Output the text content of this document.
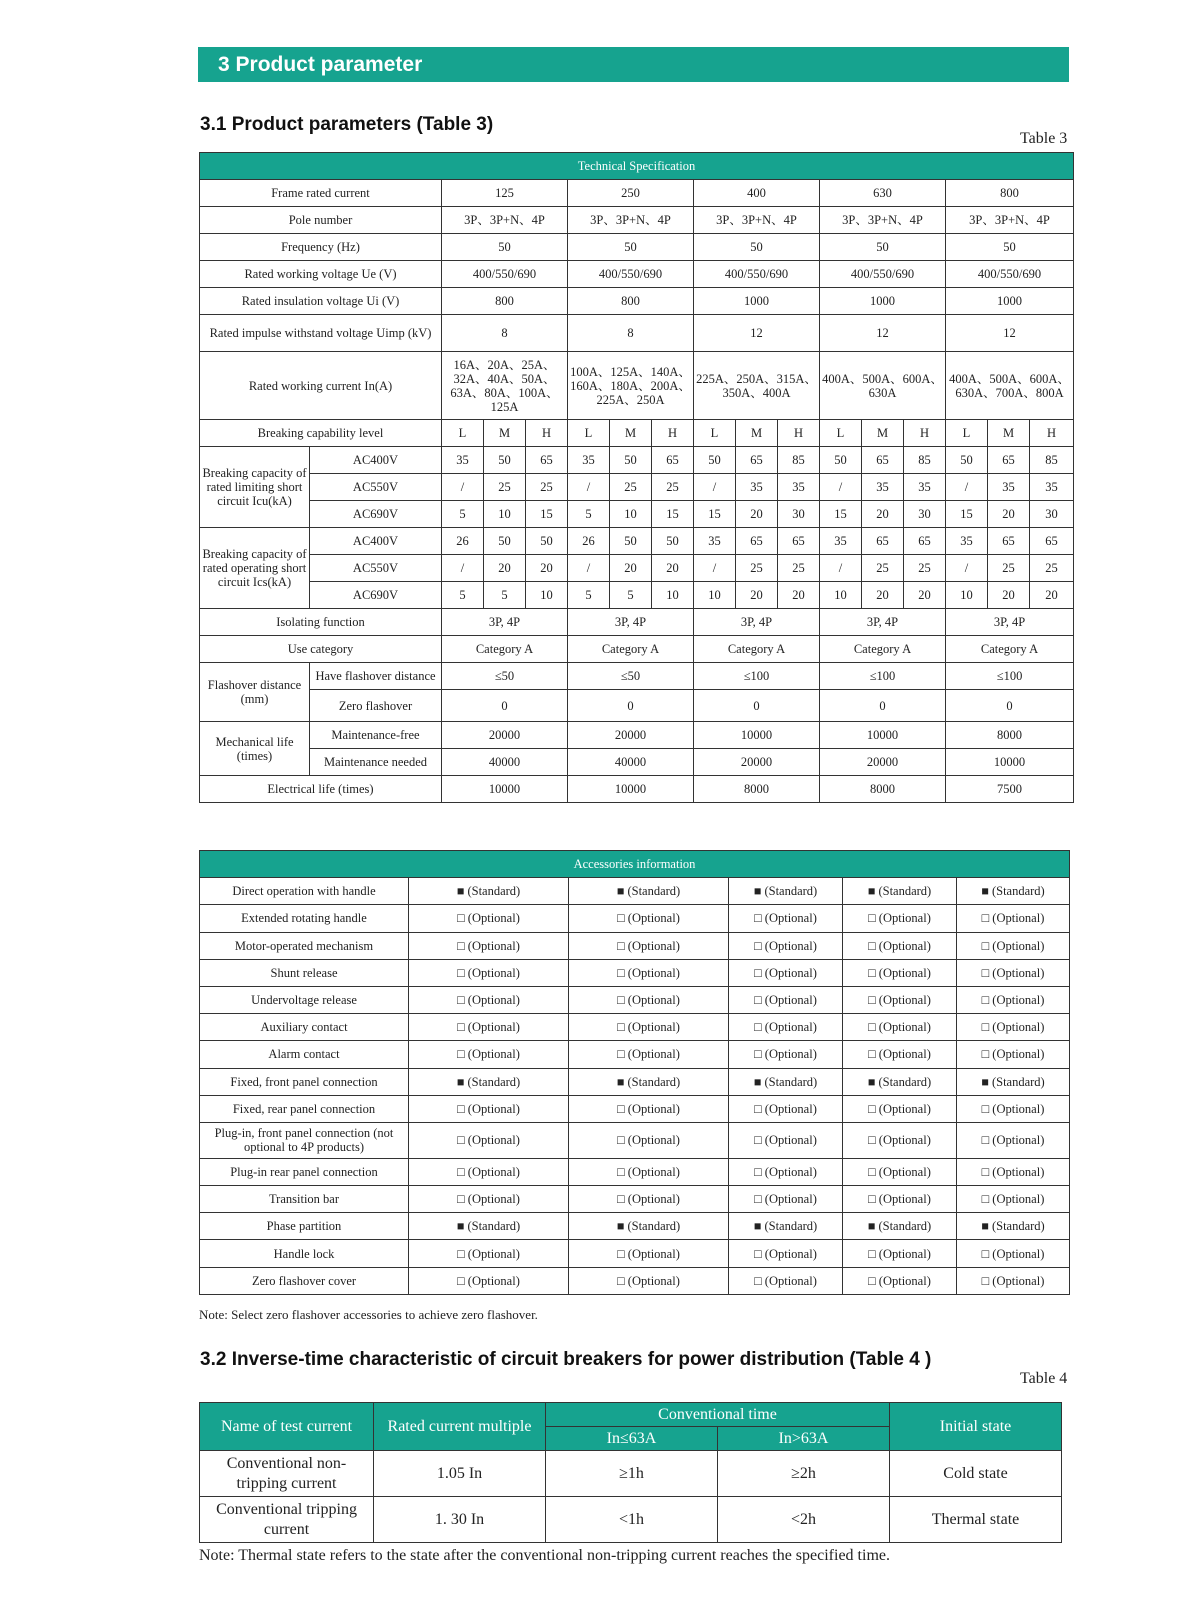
3 Product parameter
3.1 Product parameters (Table 3)
Table 3
Technical Specification																
Frame rated current		125			250			400			630			800		
Pole number		3P、3P+N、4P			3P、3P+N、4P			3P、3P+N、4P			3P、3P+N、4P			3P、3P+N、4P		
Frequency (Hz)		50			50			50			50			50		
Rated working voltage Ue (V)		400/550/690			400/550/690			400/550/690			400/550/690			400/550/690		
Rated insulation voltage Ui (V)		800			800			1000			1000			1000		
Rated impulse withstand voltage Uimp (kV)		8			8			12			12			12		
Rated working current In(A)		16A、20A、25A、32A、40A、50A、63A、80A、100A、125A			100A、125A、140A、160A、180A、200A、225A、250A			225A、250A、315A、350A、400A			400A、500A、600A、630A			400A、500A、600A、630A、700A、800A		
Breaking capability level		L	M	H	L	M	H	L	M	H	L	M	H	L	M	H
Breaking capacity of rated limiting short circuit Icu(kA)	AC400V	35	50	65	35	50	65	50	65	85	50	65	85	50	65	85
	AC550V	/	25	25	/	25	25	/	35	35	/	35	35	/	35	35
	AC690V	5	10	15	5	10	15	15	20	30	15	20	30	15	20	30
Breaking capacity of rated operating short circuit Ics(kA)	AC400V	26	50	50	26	50	50	35	65	65	35	65	65	35	65	65
	AC550V	/	20	20	/	20	20	/	25	25	/	25	25	/	25	25
	AC690V	5	5	10	5	5	10	10	20	20	10	20	20	10	20	20
Isolating function		3P, 4P			3P, 4P			3P, 4P			3P, 4P			3P, 4P		
Use category		Category A			Category A			Category A			Category A			Category A		
Flashover distance (mm)	Have flashover distance	≤50			≤50			≤100			≤100			≤100		
	Zero flashover	0			0			0			0			0		
Mechanical life (times)	Maintenance-free	20000			20000			10000			10000			8000		
	Maintenance needed	40000			40000			20000			20000			10000		
Electrical life (times)		10000			10000			8000			8000			7500		
Accessories information					
Direct operation with handle	■ (Standard)	■ (Standard)	■ (Standard)	■ (Standard)	■ (Standard)
Extended rotating handle	□ (Optional)	□ (Optional)	□ (Optional)	□ (Optional)	□ (Optional)
Motor-operated mechanism	□ (Optional)	□ (Optional)	□ (Optional)	□ (Optional)	□ (Optional)
Shunt release	□ (Optional)	□ (Optional)	□ (Optional)	□ (Optional)	□ (Optional)
Undervoltage release	□ (Optional)	□ (Optional)	□ (Optional)	□ (Optional)	□ (Optional)
Auxiliary contact	□ (Optional)	□ (Optional)	□ (Optional)	□ (Optional)	□ (Optional)
Alarm contact	□ (Optional)	□ (Optional)	□ (Optional)	□ (Optional)	□ (Optional)
Fixed, front panel connection	■ (Standard)	■ (Standard)	■ (Standard)	■ (Standard)	■ (Standard)
Fixed, rear panel connection	□ (Optional)	□ (Optional)	□ (Optional)	□ (Optional)	□ (Optional)
Plug-in, front panel connection (not optional to 4P products)	□ (Optional)	□ (Optional)	□ (Optional)	□ (Optional)	□ (Optional)
Plug-in rear panel connection	□ (Optional)	□ (Optional)	□ (Optional)	□ (Optional)	□ (Optional)
Transition bar	□ (Optional)	□ (Optional)	□ (Optional)	□ (Optional)	□ (Optional)
Phase partition	■ (Standard)	■ (Standard)	■ (Standard)	■ (Standard)	■ (Standard)
Handle lock	□ (Optional)	□ (Optional)	□ (Optional)	□ (Optional)	□ (Optional)
Zero flashover cover	□ (Optional)	□ (Optional)	□ (Optional)	□ (Optional)	□ (Optional)
Note: Select zero flashover accessories to achieve zero flashover.
3.2 Inverse-time characteristic of circuit breakers for power distribution (Table 4 )
Table 4
Name of test current	Rated current multiple	Conventional time		Initial state
		In≤63A	In>63A	
Conventional non-tripping current	1.05 In	≥1h	≥2h	Cold state
Conventional tripping current	1. 30 In	<1h	<2h	Thermal state
Note: Thermal state refers to the state after the conventional non-tripping current reaches the specified time.
